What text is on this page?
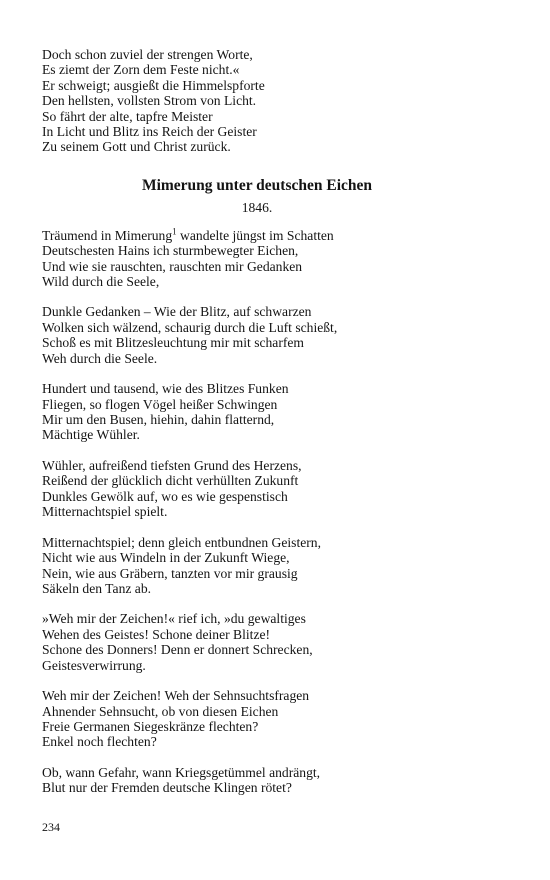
Doch schon zuviel der strengen Worte,
Es ziemt der Zorn dem Feste nicht.«
Er schweigt; ausgießt die Himmelspforte
Den hellsten, vollsten Strom von Licht.
So fährt der alte, tapfre Meister
In Licht und Blitz ins Reich der Geister
Zu seinem Gott und Christ zurück.
Mimerung unter deutschen Eichen
1846.
Träumend in Mimerung$^1$ wandelte jüngst im Schatten
Deutschesten Hains ich sturmbewegter Eichen,
Und wie sie rauschten, rauschten mir Gedanken
Wild durch die Seele,
Dunkle Gedanken – Wie der Blitz, auf schwarzen
Wolken sich wälzend, schaurig durch die Luft schießt,
Schoß es mit Blitzesleuchtung mir mit scharfem
Weh durch die Seele.
Hundert und tausend, wie des Blitzes Funken
Fliegen, so flogen Vögel heißer Schwingen
Mir um den Busen, hiehin, dahin flatternd,
Mächtige Wühler.
Wühler, aufreißend tiefsten Grund des Herzens,
Reißend der glücklich dicht verhüllten Zukunft
Dunkles Gewölk auf, wo es wie gespenstisch
Mitternachtspiel spielt.
Mitternachtspiel; denn gleich entbundnen Geistern,
Nicht wie aus Windeln in der Zukunft Wiege,
Nein, wie aus Gräbern, tanzten vor mir grausig
Säkeln den Tanz ab.
»Weh mir der Zeichen!« rief ich, »du gewaltiges
Wehen des Geistes! Schone deiner Blitze!
Schone des Donners! Denn er donnert Schrecken,
Geistesverwirrung.
Weh mir der Zeichen! Weh der Sehnsuchtsfragen
Ahnender Sehnsucht, ob von diesen Eichen
Freie Germanen Siegeskränze flechten?
Enkel noch flechten?
Ob, wann Gefahr, wann Kriegsgetümmel andrängt,
Blut nur der Fremden deutsche Klingen rötet?
234
